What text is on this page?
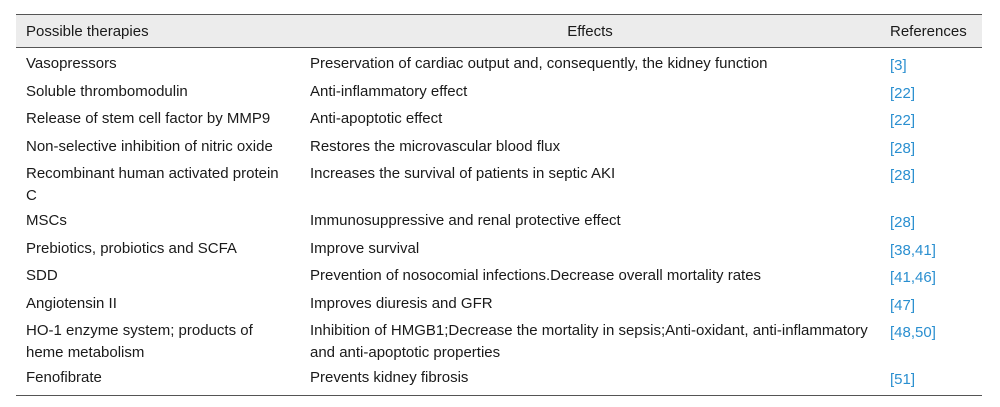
Possible therapies	Effects	References
Vasopressors	Preservation of cardiac output and, consequently, the kidney function	[3]
Soluble thrombomodulin	Anti-inflammatory effect	[22]
Release of stem cell factor by MMP9	Anti-apoptotic effect	[22]
Non-selective inhibition of nitric oxide	Restores the microvascular blood flux	[28]
Recombinant human activated protein C	Increases the survival of patients in septic AKI	[28]
MSCs	Immunosuppressive and renal protective effect	[28]
Prebiotics, probiotics and SCFA	Improve survival	[38,41]
SDD	Prevention of nosocomial infections.Decrease overall mortality rates	[41,46]
Angiotensin II	Improves diuresis and GFR	[47]
HO-1 enzyme system; products of heme metabolism	Inhibition of HMGB1;Decrease the mortality in sepsis;Anti-oxidant, anti-inflammatory and anti-apoptotic properties	[48,50]
Fenofibrate	Prevents kidney fibrosis	[51]
